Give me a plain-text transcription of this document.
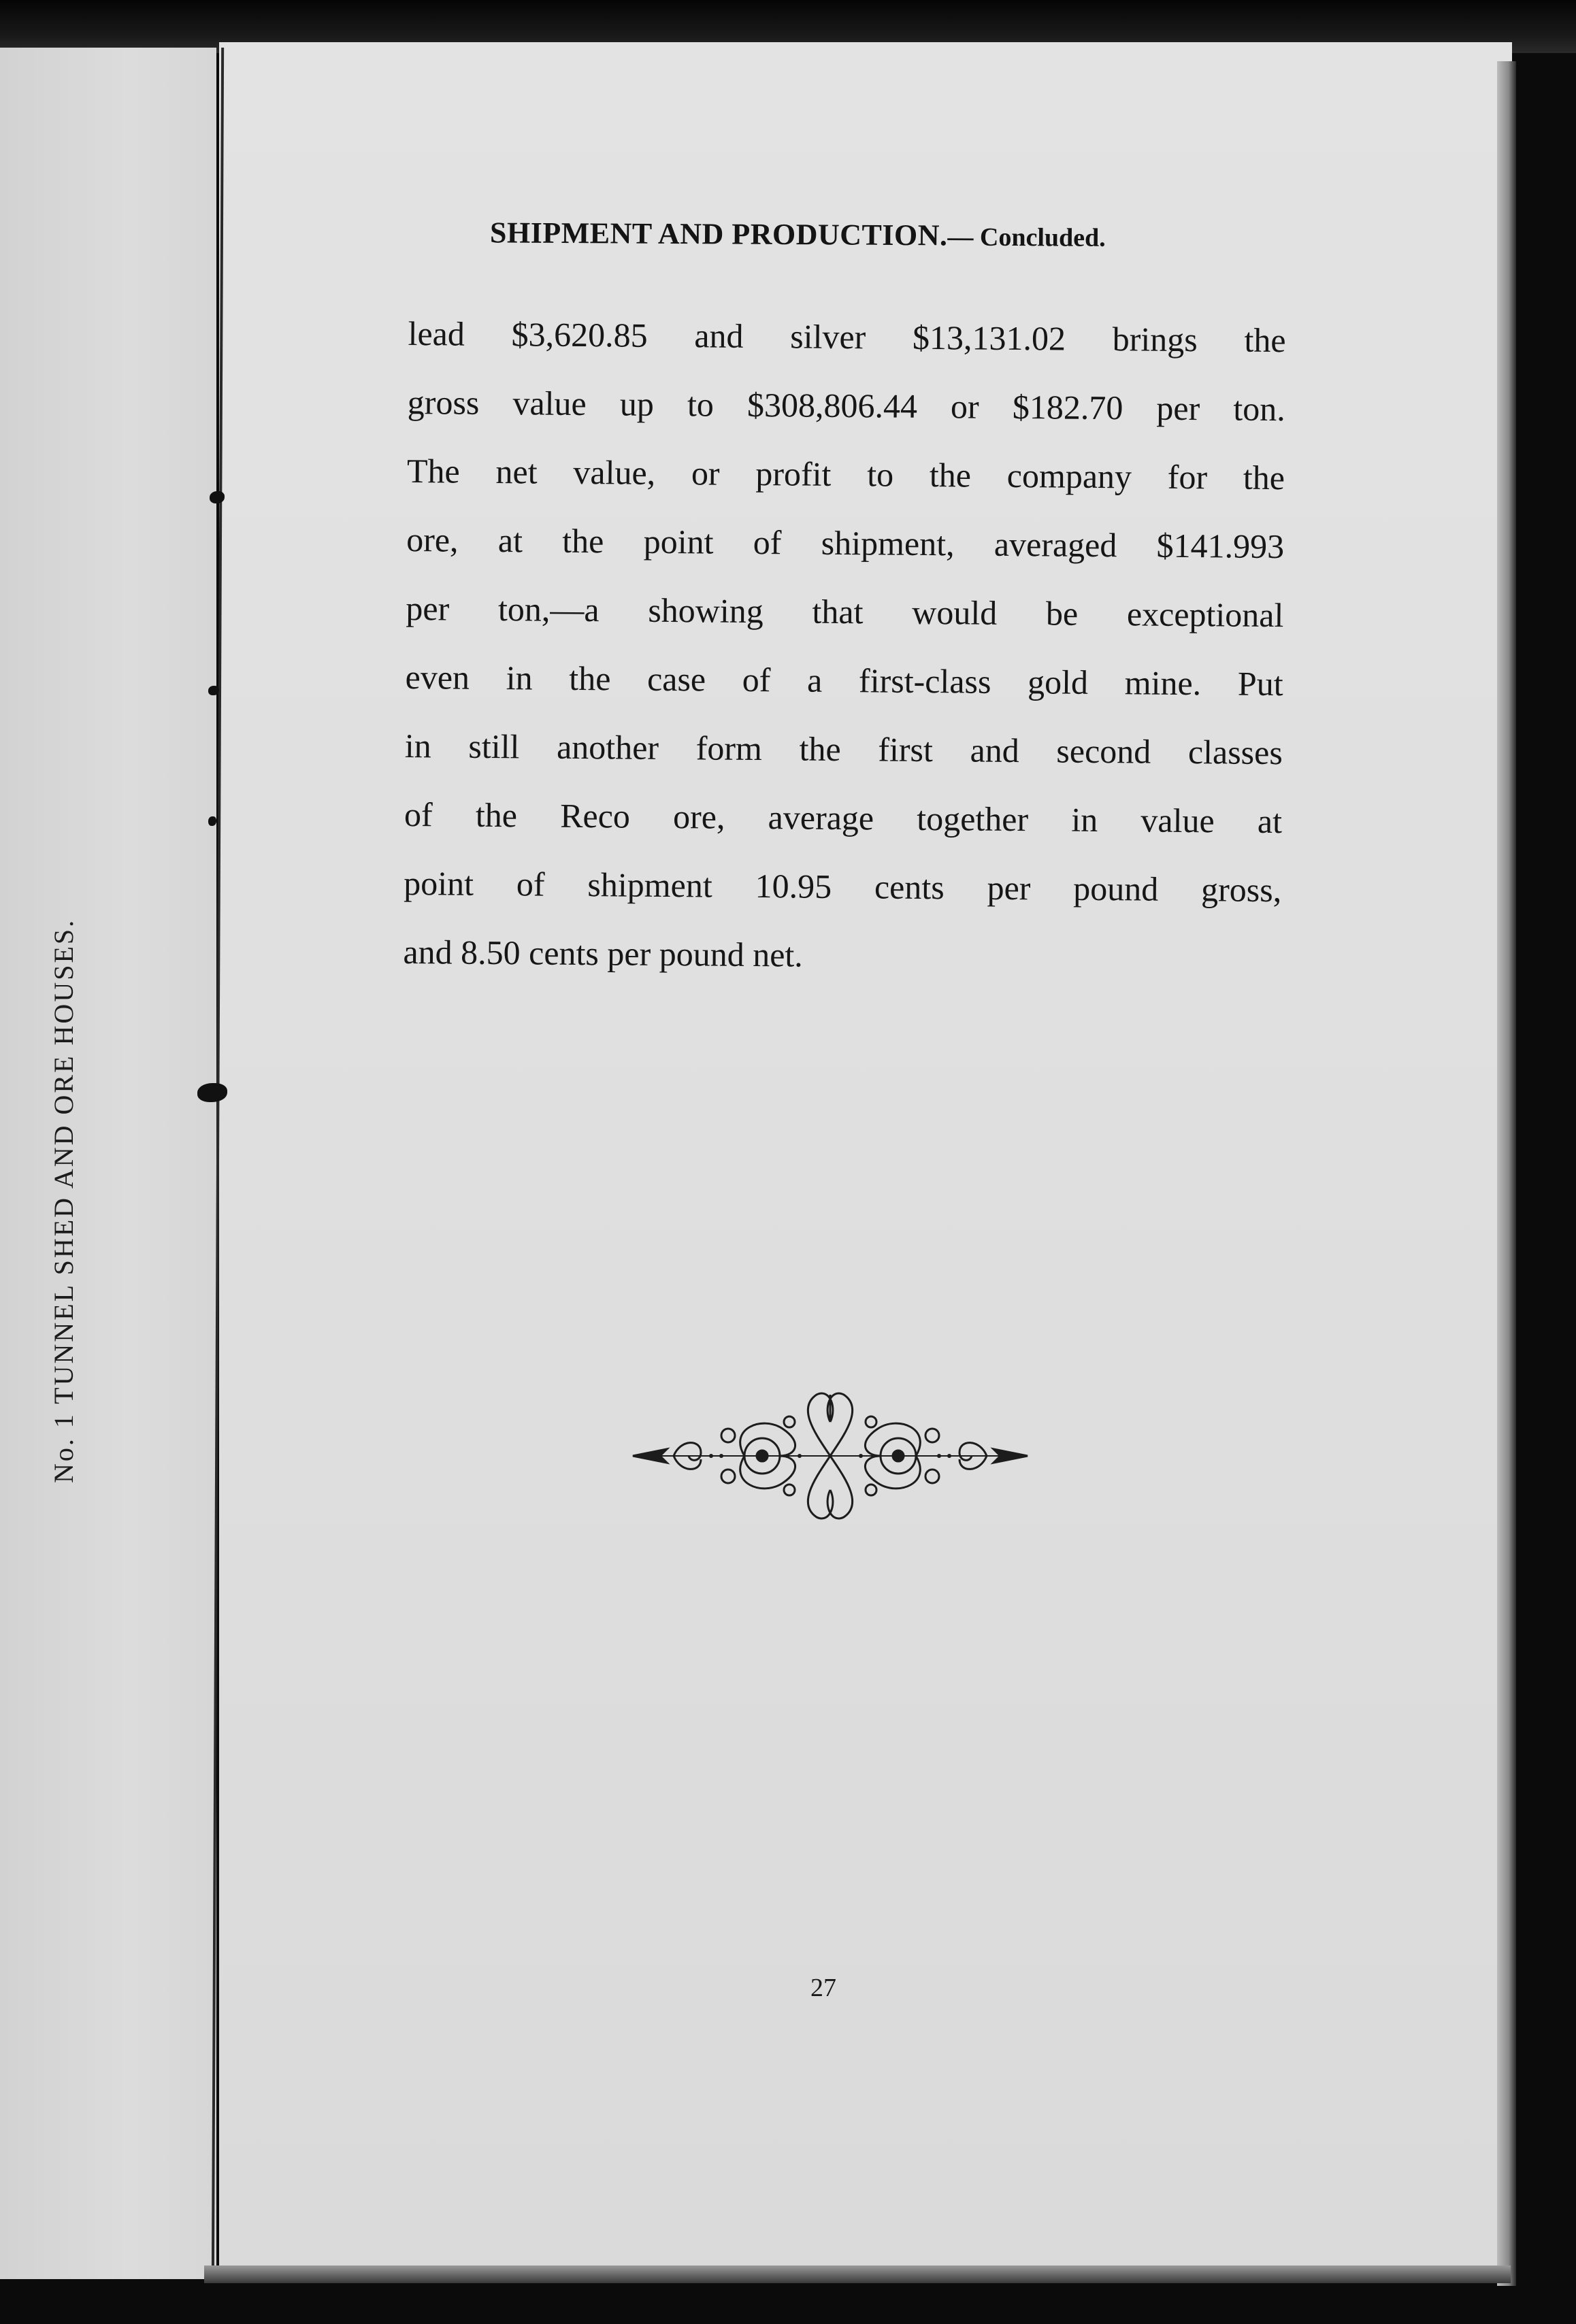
No. 1 TUNNEL SHED AND ORE HOUSES.
SHIPMENT AND PRODUCTION.— Concluded.
lead $3,620.85 and silver $13,131.02 brings the
gross value up to $308,806.44 or $182.70 per ton.
The net value, or profit to the company for the
ore, at the point of shipment, averaged $141.993
per ton,—a showing that would be exceptional
even in the case of a first-class gold mine. Put
in still another form the first and second classes
of the Reco ore, average together in value at
point of shipment 10.95 cents per pound gross,
and 8.50 cents per pound net.
27
